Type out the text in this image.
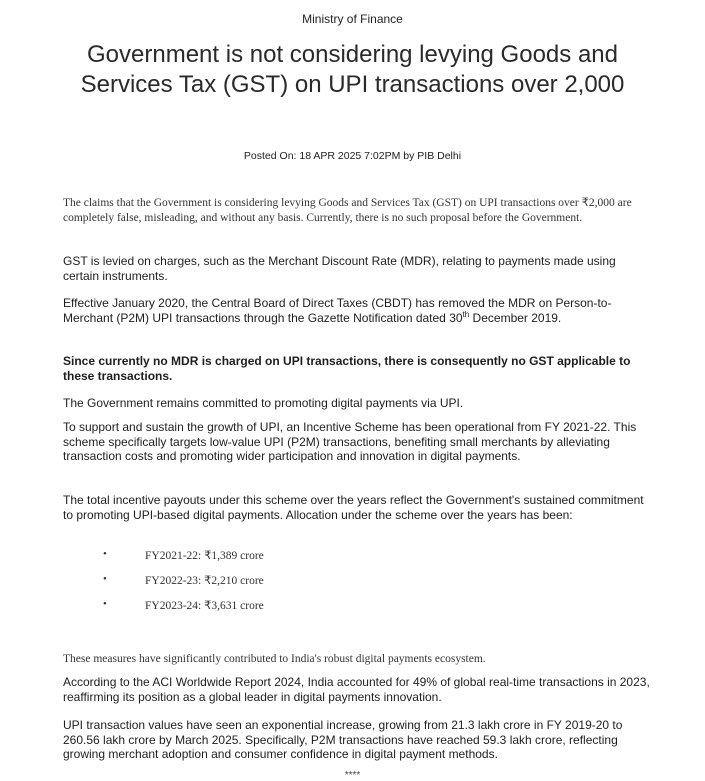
Ministry of Finance
Government is not considering levying Goods and Services Tax (GST) on UPI transactions over 2,000
Posted On: 18 APR 2025 7:02PM by PIB Delhi

The claims that the Government is considering levying Goods and Services Tax (GST) on UPI transactions over ₹2,000 are completely false, misleading, and without any basis. Currently, there is no such proposal before the Government.

GST is levied on charges, such as the Merchant Discount Rate (MDR), relating to payments made using certain instruments.

Effective January 2020, the Central Board of Direct Taxes (CBDT) has removed the MDR on Person-to-Merchant (P2M) UPI transactions through the Gazette Notification dated 30th December 2019.

Since currently no MDR is charged on UPI transactions, there is consequently no GST applicable to these transactions.

The Government remains committed to promoting digital payments via UPI.

To support and sustain the growth of UPI, an Incentive Scheme has been operational from FY 2021-22. This scheme specifically targets low-value UPI (P2M) transactions, benefiting small merchants by alleviating transaction costs and promoting wider participation and innovation in digital payments.

The total incentive payouts under this scheme over the years reflect the Government's sustained commitment to promoting UPI-based digital payments. Allocation under the scheme over the years has been:

•	FY2021-22: ₹1,389 crore
•	FY2022-23: ₹2,210 crore
•	FY2023-24: ₹3,631 crore

These measures have significantly contributed to India's robust digital payments ecosystem.

According to the ACI Worldwide Report 2024, India accounted for 49% of global real-time transactions in 2023, reaffirming its position as a global leader in digital payments innovation.

UPI transaction values have seen an exponential increase, growing from 21.3 lakh crore in FY 2019-20 to 260.56 lakh crore by March 2025. Specifically, P2M transactions have reached 59.3 lakh crore, reflecting growing merchant adoption and consumer confidence in digital payment methods.

****
